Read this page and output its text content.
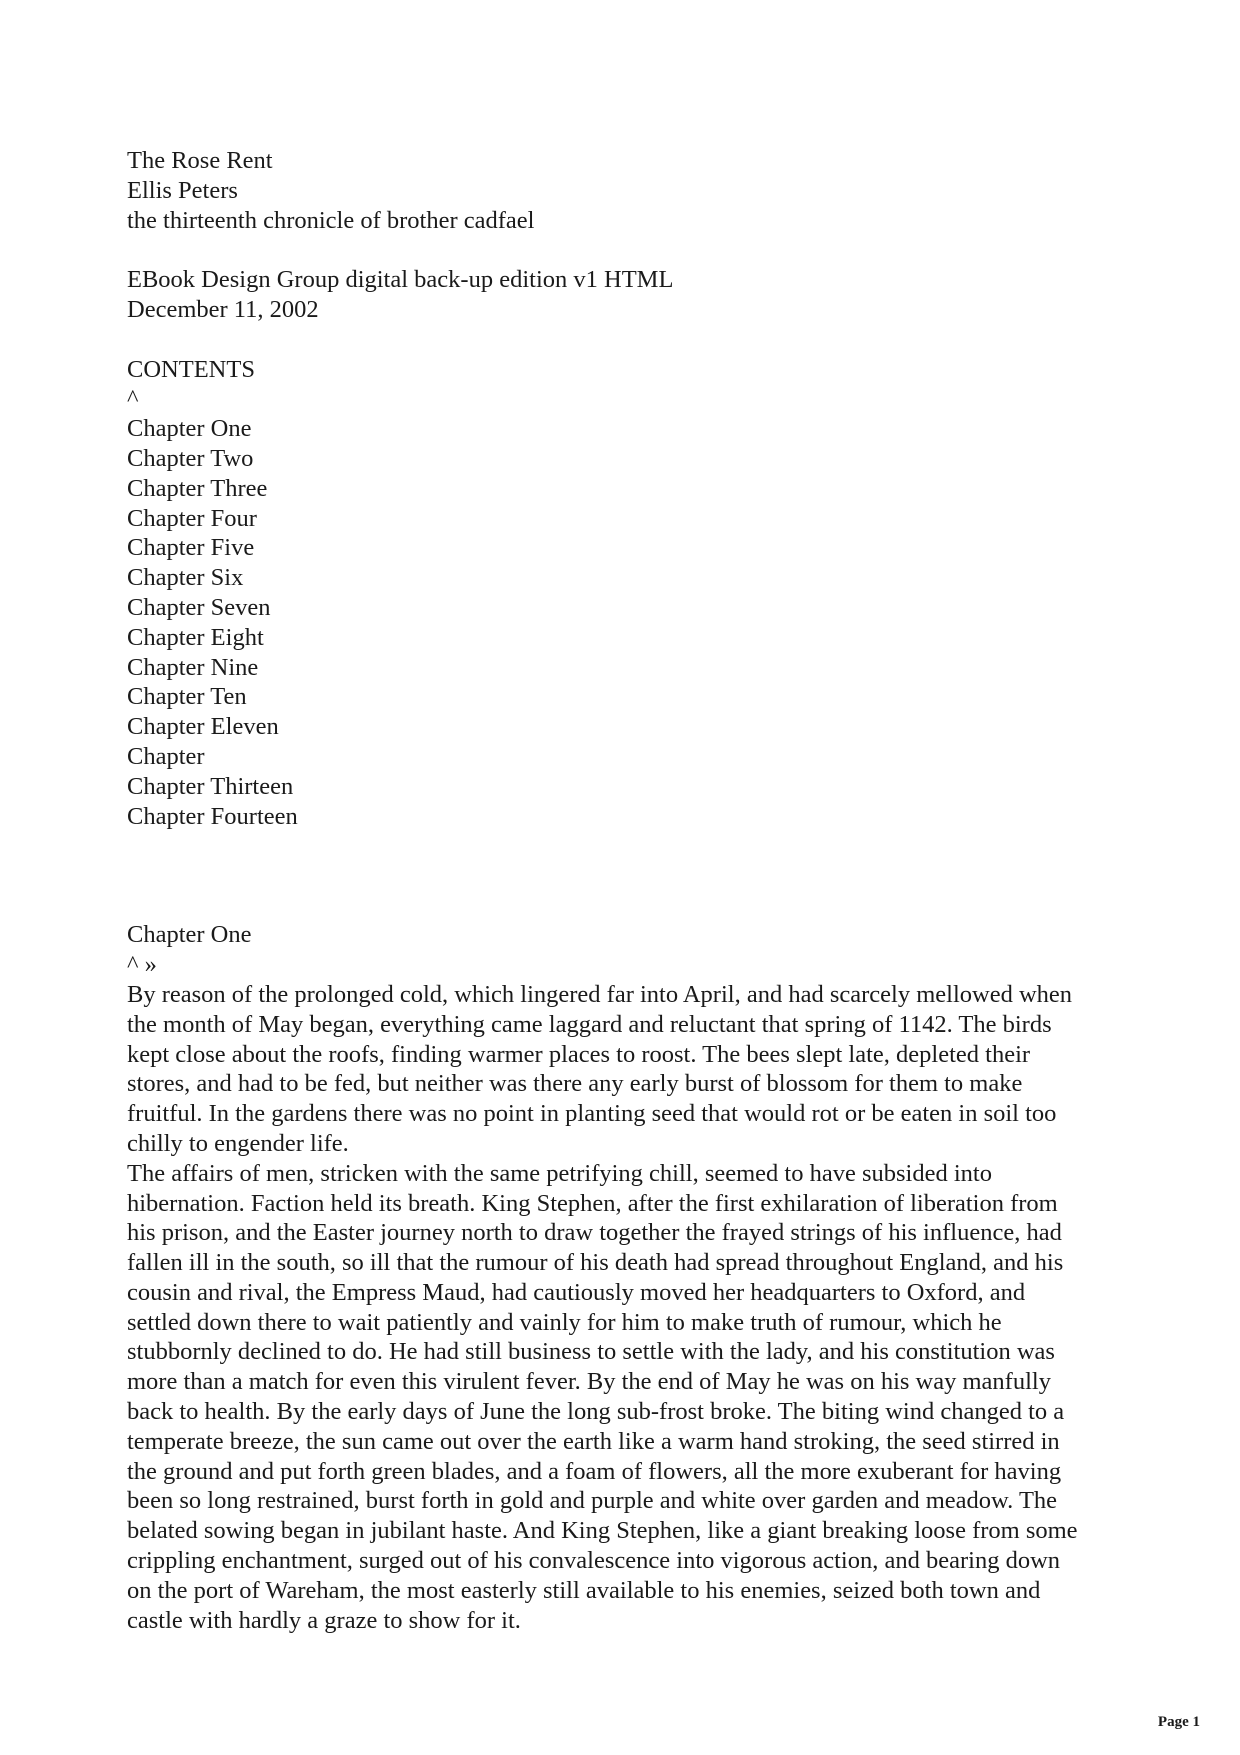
The Rose Rent
Ellis Peters
the thirteenth chronicle of brother cadfael
EBook Design Group digital back-up edition v1 HTML
December 11, 2002
CONTENTS
^
Chapter One
Chapter Two
Chapter Three
Chapter Four
Chapter Five
Chapter Six
Chapter Seven
Chapter Eight
Chapter Nine
Chapter Ten
Chapter Eleven
Chapter
Chapter Thirteen
Chapter Fourteen
Chapter One
^ »
By reason of the prolonged cold, which lingered far into April, and had scarcely mellowed when
the month of May began, everything came laggard and reluctant that spring of 1142. The birds
kept close about the roofs, finding warmer places to roost. The bees slept late, depleted their
stores, and had to be fed, but neither was there any early burst of blossom for them to make
fruitful. In the gardens there was no point in planting seed that would rot or be eaten in soil too
chilly to engender life.
The affairs of men, stricken with the same petrifying chill, seemed to have subsided into
hibernation. Faction held its breath. King Stephen, after the first exhilaration of liberation from
his prison, and the Easter journey north to draw together the frayed strings of his influence, had
fallen ill in the south, so ill that the rumour of his death had spread throughout England, and his
cousin and rival, the Empress Maud, had cautiously moved her headquarters to Oxford, and
settled down there to wait patiently and vainly for him to make truth of rumour, which he
stubbornly declined to do. He had still business to settle with the lady, and his constitution was
more than a match for even this virulent fever. By the end of May he was on his way manfully
back to health. By the early days of June the long sub-frost broke. The biting wind changed to a
temperate breeze, the sun came out over the earth like a warm hand stroking, the seed stirred in
the ground and put forth green blades, and a foam of flowers, all the more exuberant for having
been so long restrained, burst forth in gold and purple and white over garden and meadow. The
belated sowing began in jubilant haste. And King Stephen, like a giant breaking loose from some
crippling enchantment, surged out of his convalescence into vigorous action, and bearing down
on the port of Wareham, the most easterly still available to his enemies, seized both town and
castle with hardly a graze to show for it.
Page 1
